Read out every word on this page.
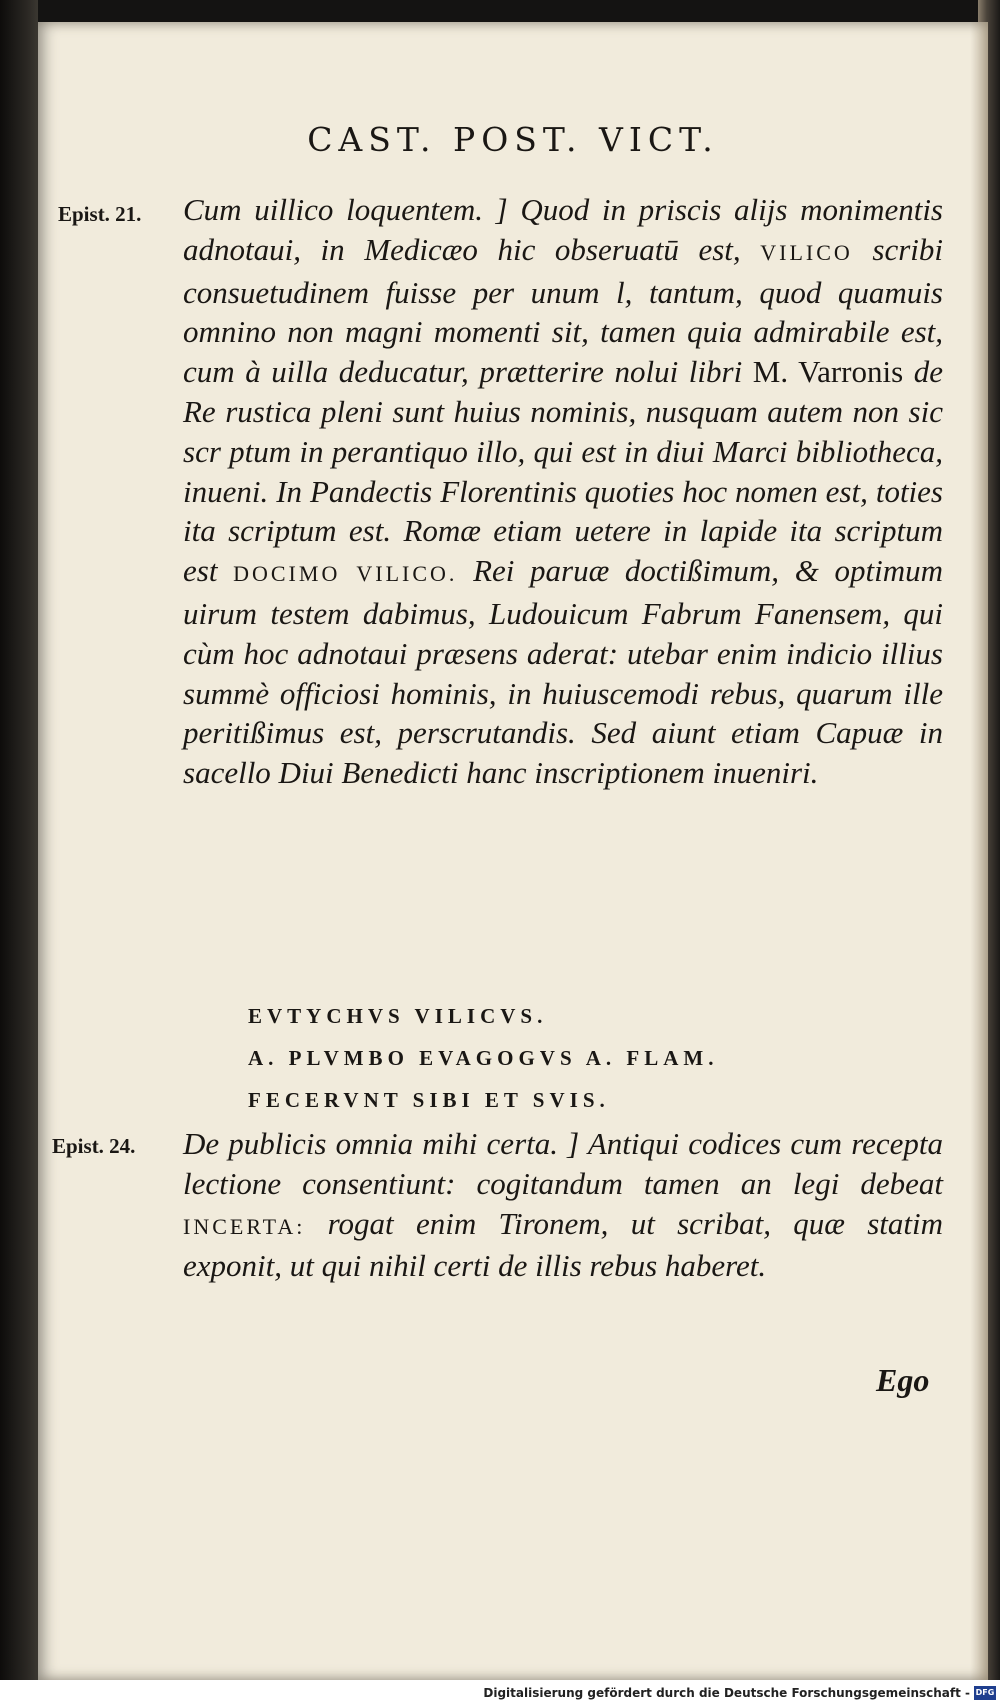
CAST. POST. VICT.
Epist. 21. Cum uillico loquentem. ] Quod in priscis alijs monimentis adnotaui, in Medicæo hic obseruatū est, VILICO scribi consuetudinem fuisse per unum l, tantum, quod quamuis omnino non magni momenti sit, tamen quia admirabile est, cum à uilla deducatur, prætterire nolui libri M. Varronis de Re rustica pleni sunt huius nominis, nusquam autem non sic scr ptum in perantiquo illo, qui est in diui Marci bibliotheca, inueni. In Pandectis Florentinis quoties hoc nomen est, toties ita scriptum est. Romæ etiam uetere in lapide ita scriptum est DOCIMO VILICO. Rei paruæ doctißimum, & optimum uirum testem dabimus, Ludouicum Fabrum Fanensem, qui cùm hoc adnotaui præsens aderat: utebar enim indicio illius summè officiosi hominis, in huiuscemodi rebus, quarum ille peritißimus est, perscrutandis. Sed aiunt etiam Capuæ in sacello Diui Benedicti hanc inscriptionem inueniri.

EVTYCHVS VILICVS.
A. PLVMBO EVAGOGVS A. FLAM.
FECERVNT SIBI ET SVIS.
Epist. 24. De publicis omnia mihi certa. ] Antiqui codices cum recepta lectione consentiunt: cogitandum tamen an legi debeat INCERTA: rogat enim Tironem, ut scribat, quæ statim exponit, ut qui nihil certi de illis rebus haberet.

Ego
Digitalisierung gefördert durch die Deutsche Forschungsgemeinschaft - DFG
